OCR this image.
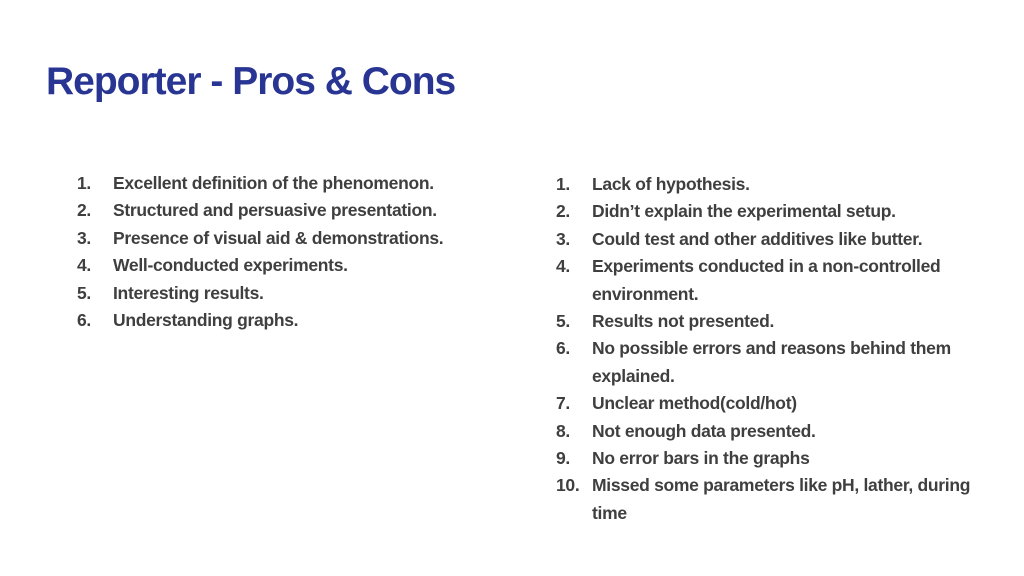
Reporter - Pros & Cons
1.	Excellent definition of the phenomenon.
2.	Structured and persuasive presentation.
3.	Presence of visual aid & demonstrations.
4.	Well-conducted experiments.
5.	Interesting results.
6.	Understanding graphs.
1.	Lack of hypothesis.
2.	Didn’t explain the experimental setup.
3.	Could test and other additives like butter.
4.	Experiments conducted in a non-controlled environment.
5.	Results not presented.
6.	No possible errors and reasons behind them explained.
7.	Unclear method(cold/hot)
8.	Not enough data presented.
9.	No error bars in the graphs
10. Missed some parameters like pH, lather, during time
